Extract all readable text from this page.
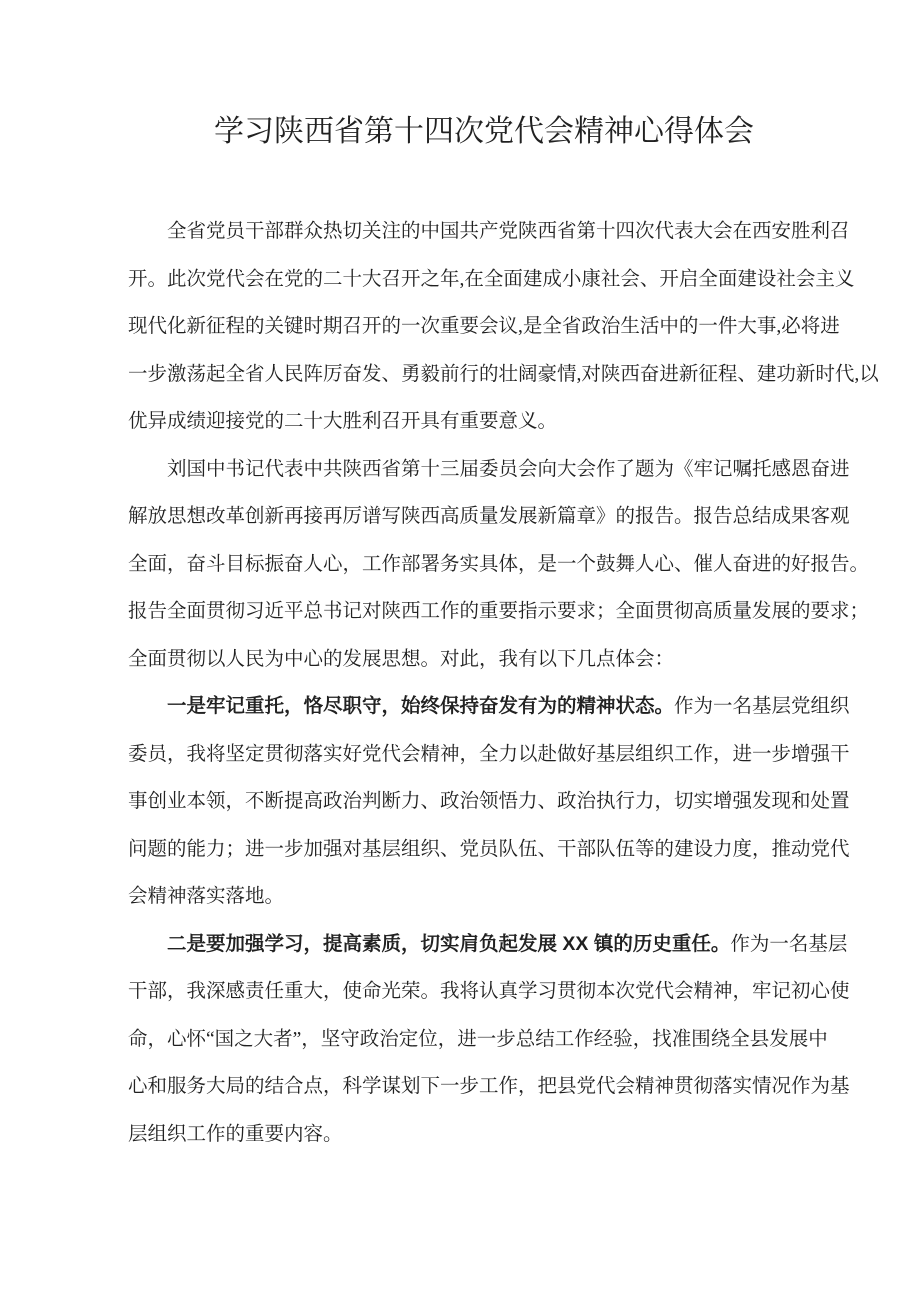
学习陕西省第十四次党代会精神心得体会
全省党员干部群众热切关注的中国共产党陕西省第十四次代表大会在西安胜利召
开。此次党代会在党的二十大召开之年,在全面建成小康社会、开启全面建设社会主义
现代化新征程的关键时期召开的一次重要会议,是全省政治生活中的一件大事,必将进
一步激荡起全省人民阵厉奋发、勇毅前行的壮阔豪情,对陕西奋进新征程、建功新时代,以
优异成绩迎接党的二十大胜利召开具有重要意义。
刘国中书记代表中共陕西省第十三届委员会向大会作了题为《牢记嘱托感恩奋进
解放思想改革创新再接再厉谱写陕西高质量发展新篇章》的报告。报告总结成果客观
全面，奋斗目标振奋人心，工作部署务实具体，是一个鼓舞人心、催人奋进的好报告。
报告全面贯彻习近平总书记对陕西工作的重要指示要求；全面贯彻高质量发展的要求；
全面贯彻以人民为中心的发展思想。对此，我有以下几点体会：
一是牢记重托，恪尽职守，始终保持奋发有为的精神状态。作为一名基层党组织
委员，我将坚定贯彻落实好党代会精神，全力以赴做好基层组织工作，进一步增强干
事创业本领，不断提高政治判断力、政治领悟力、政治执行力，切实增强发现和处置
问题的能力；进一步加强对基层组织、党员队伍、干部队伍等的建设力度，推动党代
会精神落实落地。
二是要加强学习，提高素质，切实肩负起发展 XX 镇的历史重任。作为一名基层
干部，我深感责任重大，使命光荣。我将认真学习贯彻本次党代会精神，牢记初心使
命，心怀“国之大者”，坚守政治定位，进一步总结工作经验，找准围绕全县发展中
心和服务大局的结合点，科学谋划下一步工作，把县党代会精神贯彻落实情况作为基
层组织工作的重要内容。
